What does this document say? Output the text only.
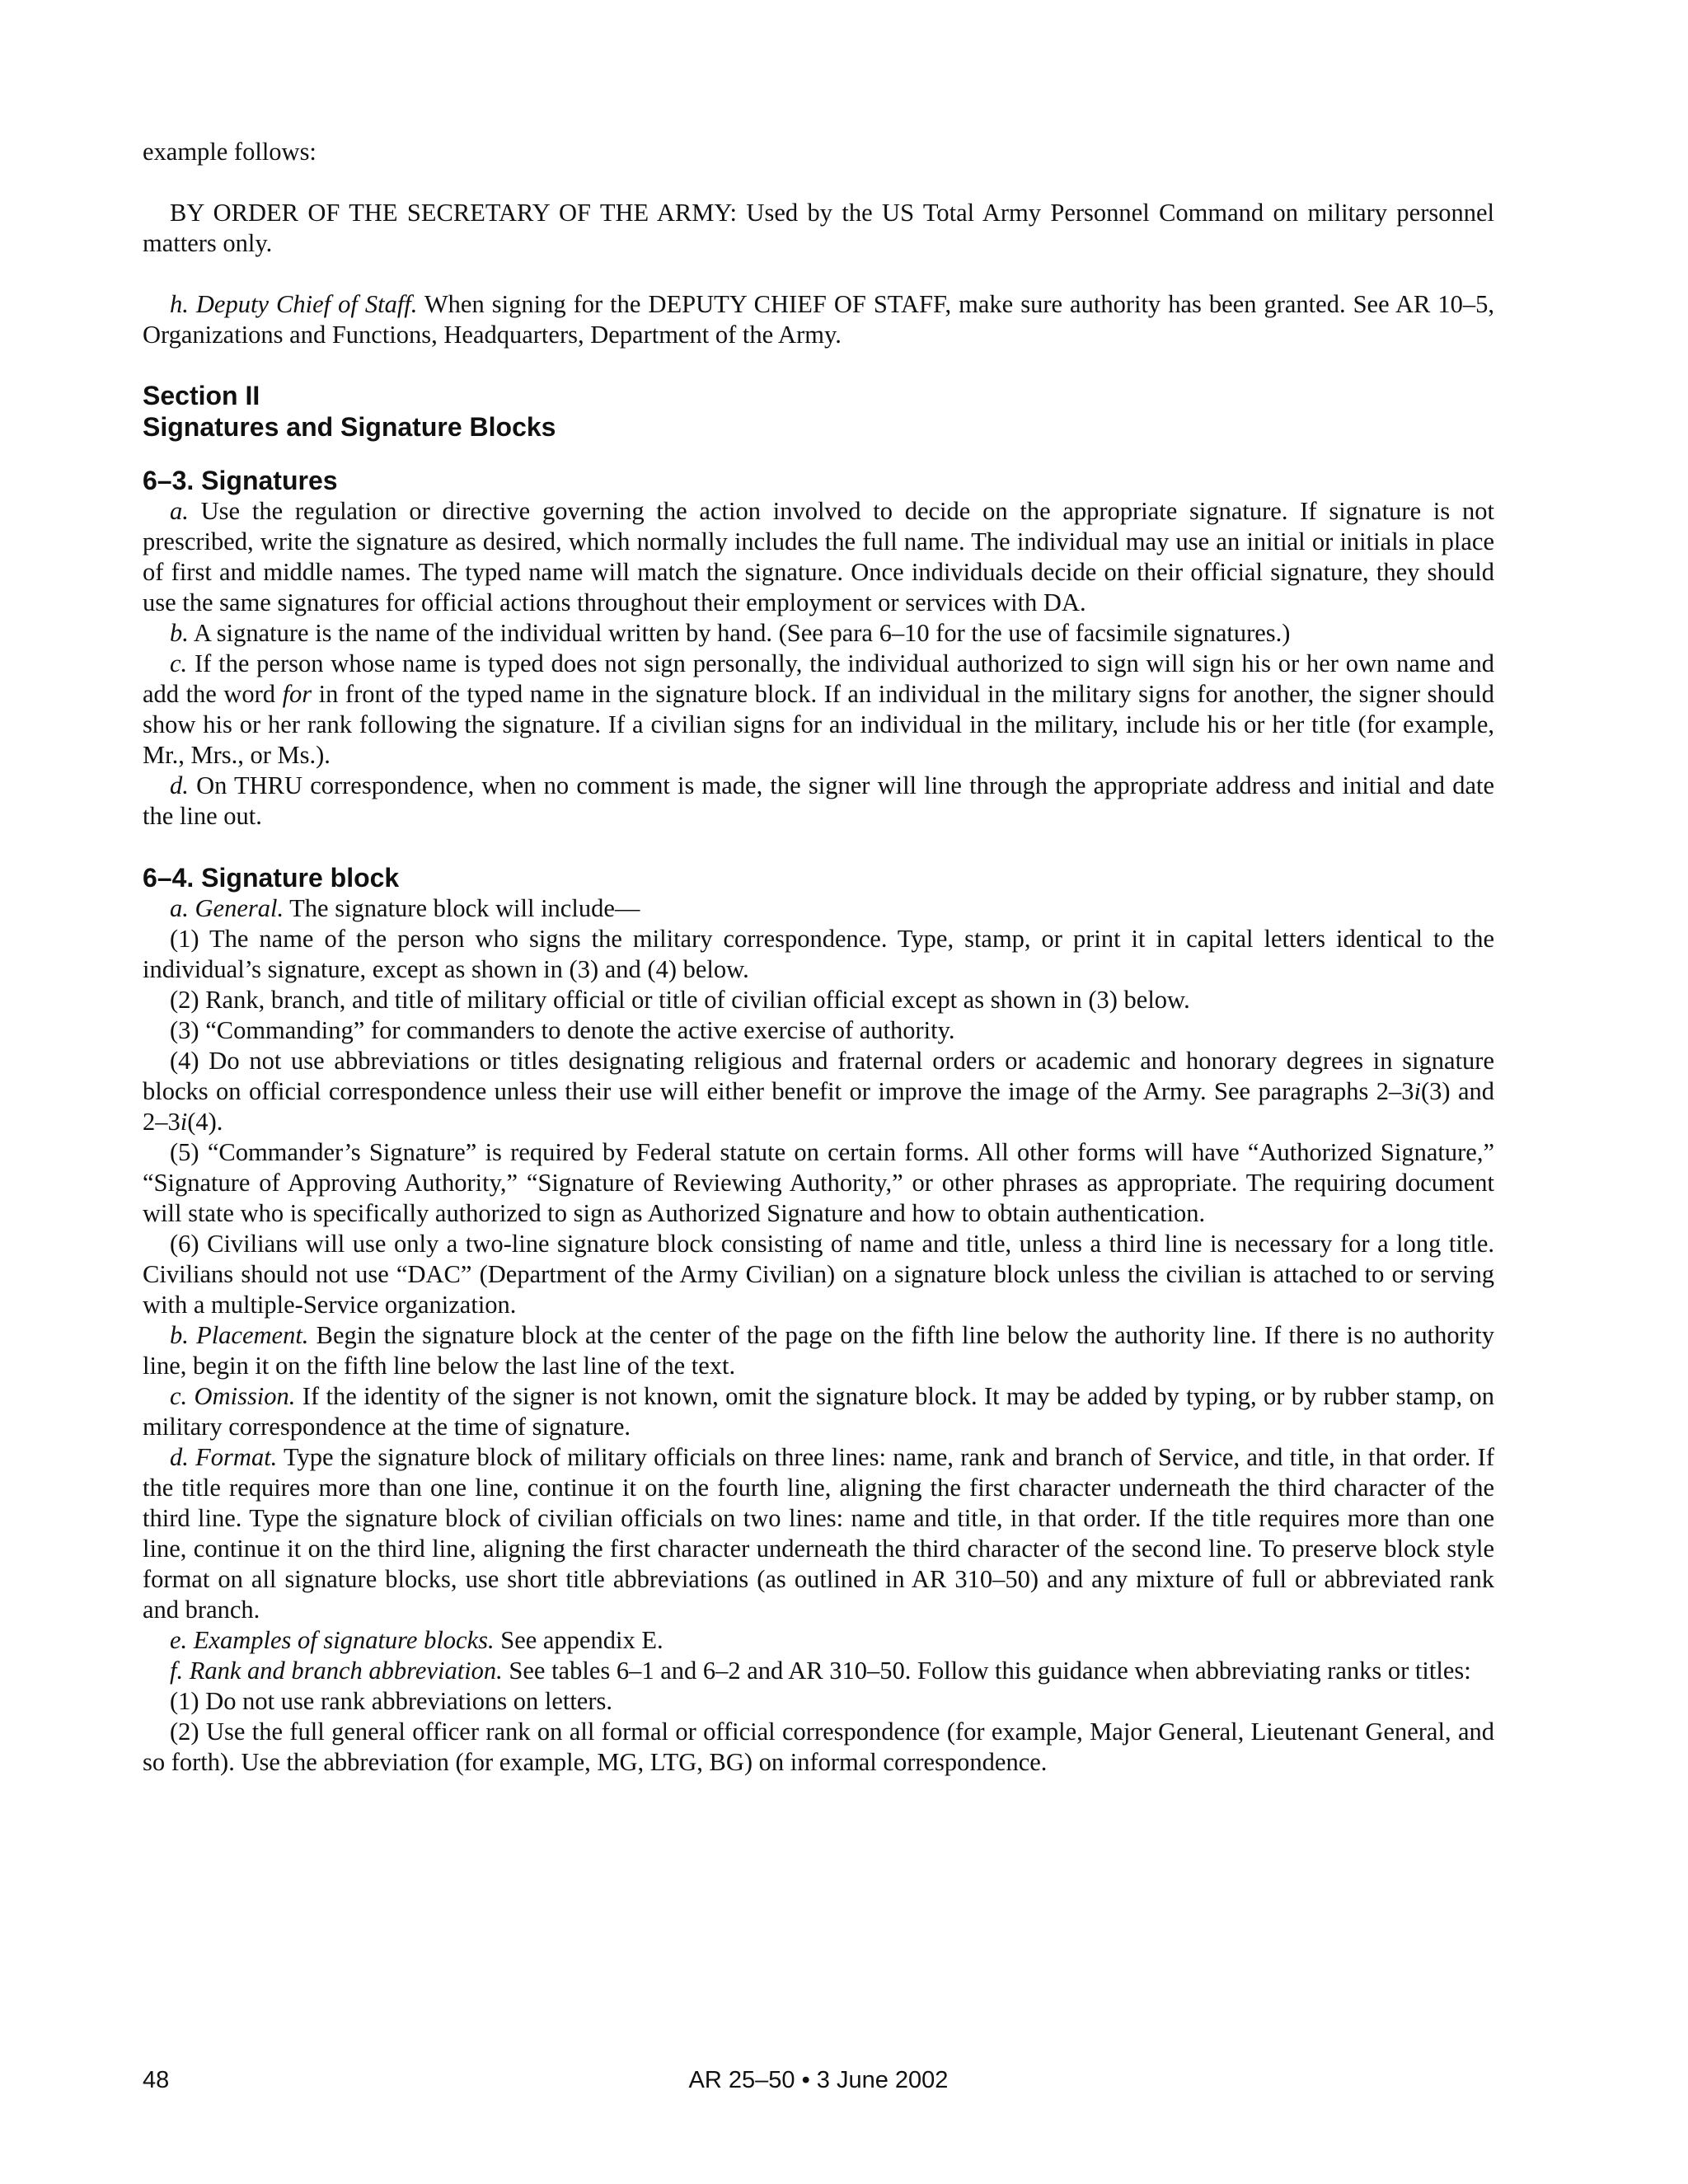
example follows:

BY ORDER OF THE SECRETARY OF THE ARMY: Used by the US Total Army Personnel Command on military personnel matters only.

h. Deputy Chief of Staff. When signing for the DEPUTY CHIEF OF STAFF, make sure authority has been granted. See AR 10–5, Organizations and Functions, Headquarters, Department of the Army.

Section II
Signatures and Signature Blocks
6–3. Signatures

a. Use the regulation or directive governing the action involved to decide on the appropriate signature. If signature is not prescribed, write the signature as desired, which normally includes the full name. The individual may use an initial or initials in place of first and middle names. The typed name will match the signature. Once individuals decide on their official signature, they should use the same signatures for official actions throughout their employment or services with DA.

b. A signature is the name of the individual written by hand. (See para 6–10 for the use of facsimile signatures.)

c. If the person whose name is typed does not sign personally, the individual authorized to sign will sign his or her own name and add the word for in front of the typed name in the signature block. If an individual in the military signs for another, the signer should show his or her rank following the signature. If a civilian signs for an individual in the military, include his or her title (for example, Mr., Mrs., or Ms.).

d. On THRU correspondence, when no comment is made, the signer will line through the appropriate address and initial and date the line out.

6–4. Signature block

a. General. The signature block will include—

(1) The name of the person who signs the military correspondence. Type, stamp, or print it in capital letters identical to the individual’s signature, except as shown in (3) and (4) below.

(2) Rank, branch, and title of military official or title of civilian official except as shown in (3) below.

(3) “Commanding” for commanders to denote the active exercise of authority.

(4) Do not use abbreviations or titles designating religious and fraternal orders or academic and honorary degrees in signature blocks on official correspondence unless their use will either benefit or improve the image of the Army. See paragraphs 2–3i(3) and 2–3i(4).

(5) “Commander’s Signature” is required by Federal statute on certain forms. All other forms will have “Authorized Signature,” “Signature of Approving Authority,” “Signature of Reviewing Authority,” or other phrases as appropriate. The requiring document will state who is specifically authorized to sign as Authorized Signature and how to obtain authentication.

(6) Civilians will use only a two-line signature block consisting of name and title, unless a third line is necessary for a long title. Civilians should not use “DAC” (Department of the Army Civilian) on a signature block unless the civilian is attached to or serving with a multiple-Service organization.

b. Placement. Begin the signature block at the center of the page on the fifth line below the authority line. If there is no authority line, begin it on the fifth line below the last line of the text.

c. Omission. If the identity of the signer is not known, omit the signature block. It may be added by typing, or by rubber stamp, on military correspondence at the time of signature.

d. Format. Type the signature block of military officials on three lines: name, rank and branch of Service, and title, in that order. If the title requires more than one line, continue it on the fourth line, aligning the first character underneath the third character of the third line. Type the signature block of civilian officials on two lines: name and title, in that order. If the title requires more than one line, continue it on the third line, aligning the first character underneath the third character of the second line. To preserve block style format on all signature blocks, use short title abbreviations (as outlined in AR 310–50) and any mixture of full or abbreviated rank and branch.

e. Examples of signature blocks. See appendix E.

f. Rank and branch abbreviation. See tables 6–1 and 6–2 and AR 310–50. Follow this guidance when abbreviating ranks or titles:

(1) Do not use rank abbreviations on letters.

(2) Use the full general officer rank on all formal or official correspondence (for example, Major General, Lieutenant General, and so forth). Use the abbreviation (for example, MG, LTG, BG) on informal correspondence.

48	AR 25–50 • 3 June 2002
